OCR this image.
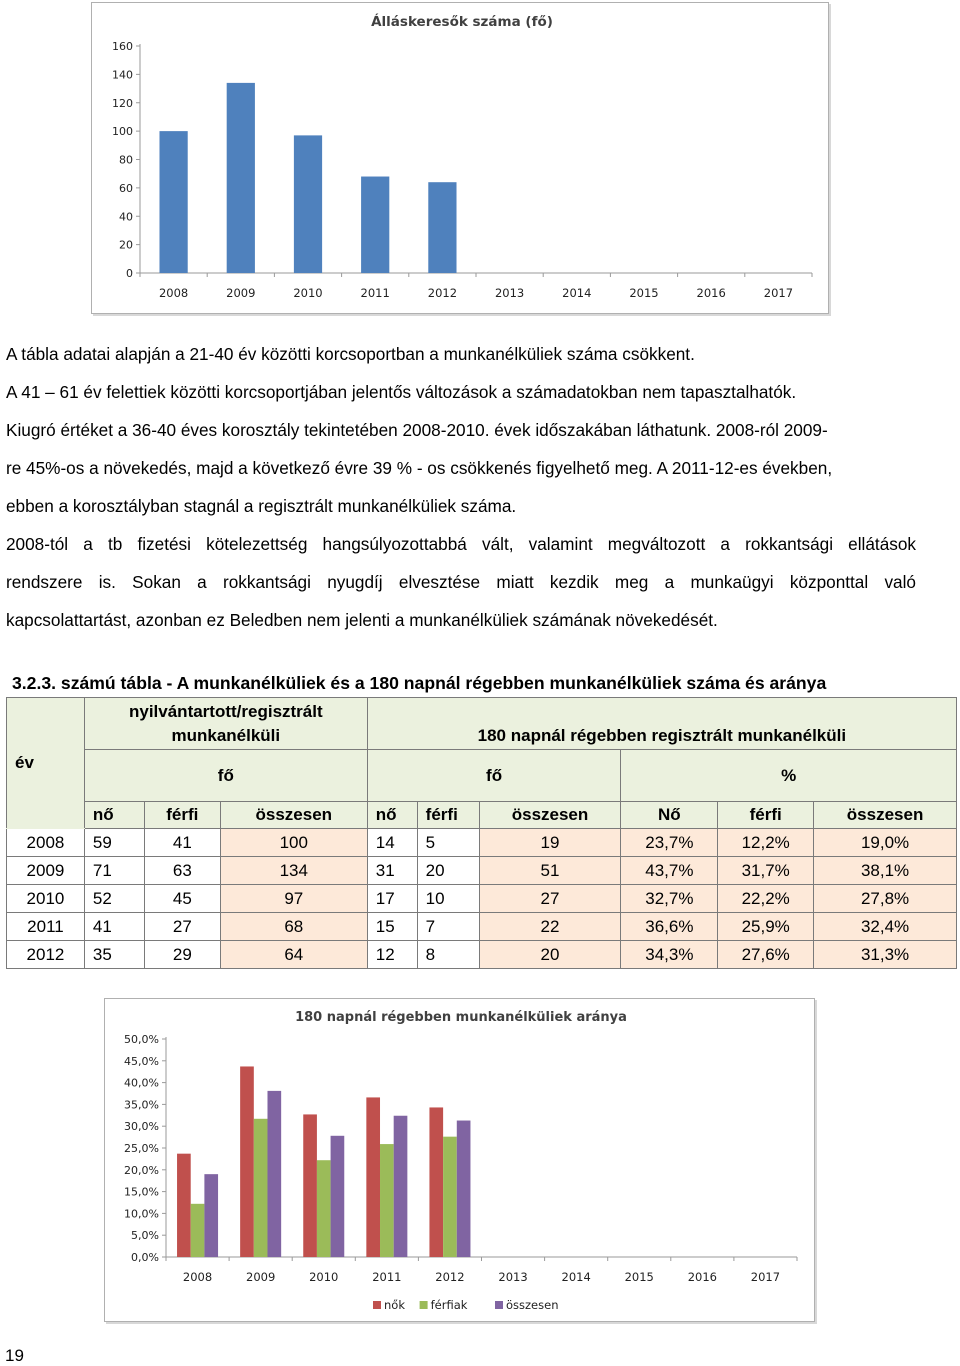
Álláskeresők száma (fő)
0
20
40
60
80
100
120
140
160
2008	2009	2010	2011	2012	2013	2014	2015	2016	2017
A tábla adatai alapján a 21-40 év közötti korcsoportban a munkanélküliek száma csökkent.
A 41 – 61 év felettiek közötti korcsoportjában jelentős változások a számadatokban nem tapasztalhatók.
Kiugró értéket a 36-40 éves korosztály tekintetében 2008-2010. évek időszakában láthatunk. 2008-ról 2009-
re 45%-os a növekedés, majd a következő évre 39 % - os csökkenés figyelhető meg. A 2011-12-es években,
ebben a korosztályban stagnál a regisztrált munkanélküliek száma.
2008-tól a tb fizetési kötelezettség hangsúlyozottabbá vált, valamint megváltozott a rokkantsági ellátások
rendszere is. Sokan a rokkantsági nyugdíj elvesztése miatt kezdik meg a munkaügyi központtal való
kapcsolattartást, azonban ez Beledben nem jelenti a munkanélküliek számának növekedését.
3.2.3. számú tábla - A munkanélküliek és a 180 napnál régebben munkanélküliek száma és aránya
év	nyilvántartott/regisztrált munkanélküli			180 napnál régebben regisztrált munkanélküli					
	fő			fő			%		
	nő	férfi	összesen	nő	férfi	összesen	Nő	férfi	összesen
2008	59	41	100	14	5	19	23,7%	12,2%	19,0%
2009	71	63	134	31	20	51	43,7%	31,7%	38,1%
2010	52	45	97	17	10	27	32,7%	22,2%	27,8%
2011	41	27	68	15	7	22	36,6%	25,9%	32,4%
2012	35	29	64	12	8	20	34,3%	27,6%	31,3%
180 napnál régebben munkanélküliek aránya
0,0%
5,0%
10,0%
15,0%
20,0%
25,0%
30,0%
35,0%
40,0%
45,0%
50,0%
2008	2009	2010	2011	2012	2013	2014	2015	2016	2017
nők férfiak	összesen
19
